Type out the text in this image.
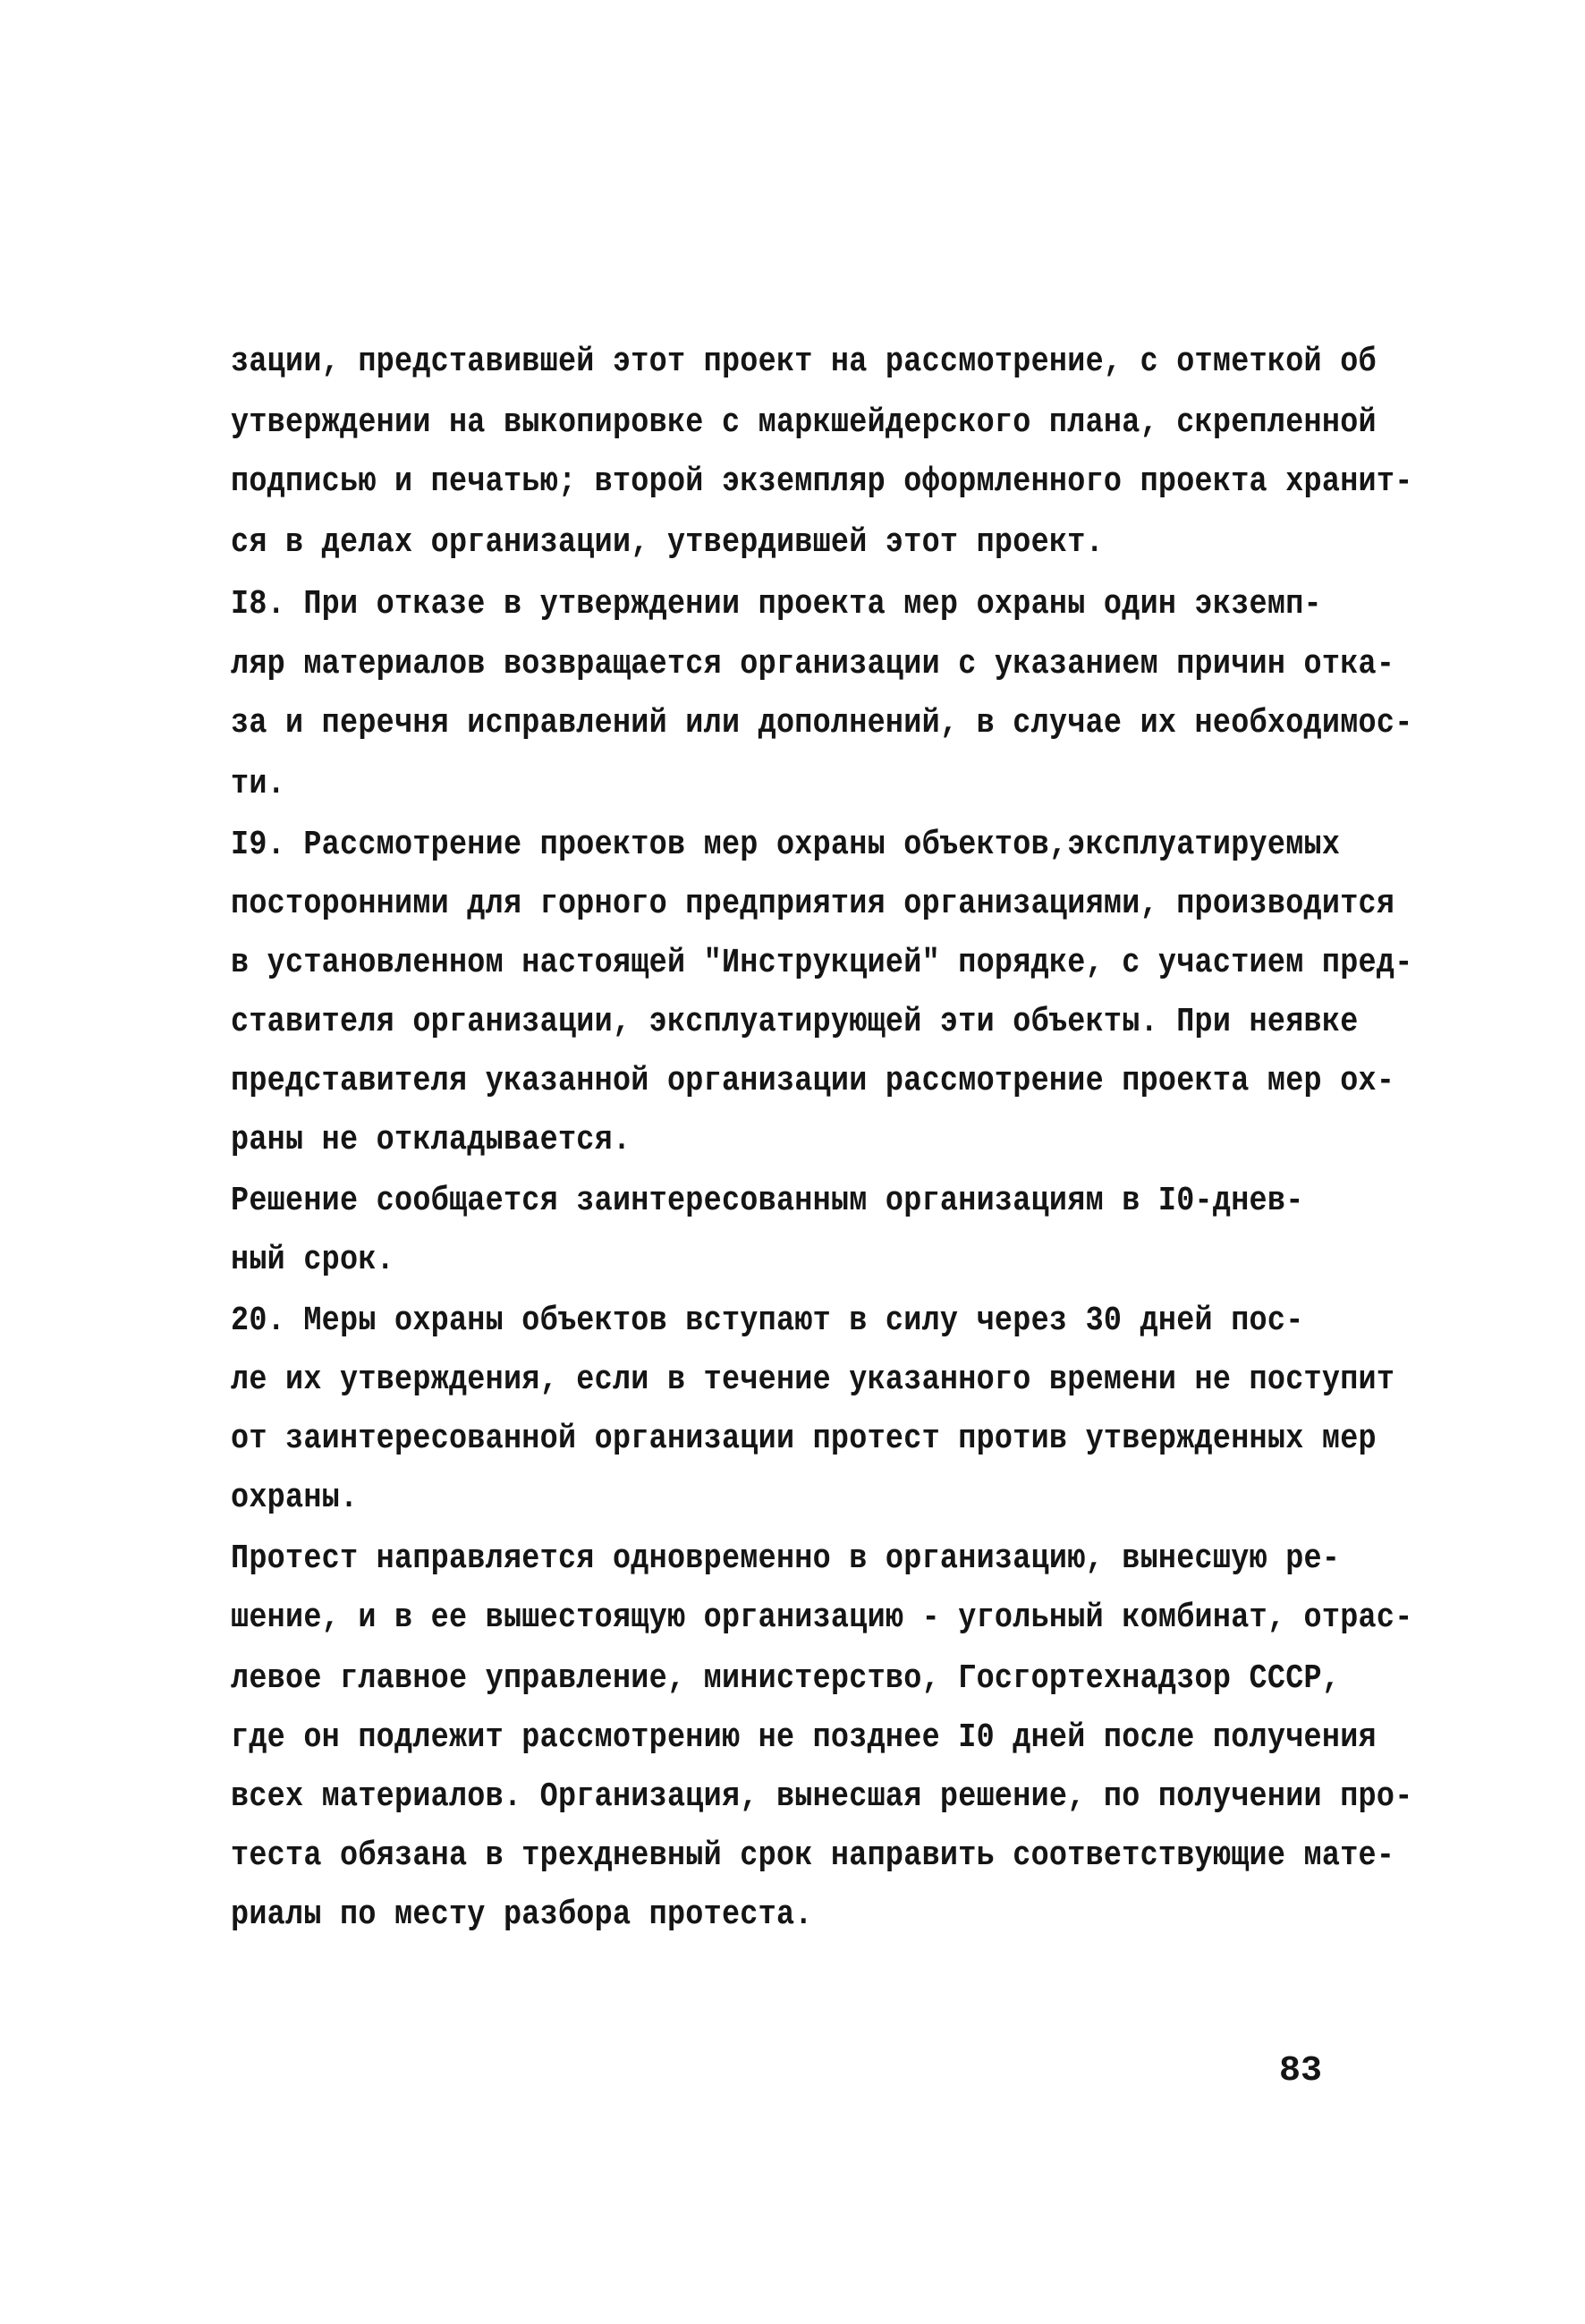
зации, представившей этот проект на рассмотрение, с отметкой об
утверждении на выкопировке с маркшейдерского плана, скрепленной
подписью и печатью; второй экземпляр оформленного проекта хранит-
ся в делах организации, утвердившей этот проект.
I8. При отказе в утверждении проекта мер охраны один экземп-
ляр материалов возвращается организации с указанием причин отка-
за и перечня исправлений или дополнений, в случае их необходимос-
ти.
I9. Рассмотрение проектов мер охраны объектов,эксплуатируемых
посторонними для горного предприятия организациями, производится
в установленном настоящей "Инструкцией" порядке, с участием пред-
ставителя организации, эксплуатирующей эти объекты. При неявке
представителя указанной организации рассмотрение проекта мер ох-
раны не откладывается.
Решение сообщается заинтересованным организациям в I0-днев-
ный срок.
20. Меры охраны объектов вступают в силу через 30 дней пос-
ле их утверждения, если в течение указанного времени не поступит
от заинтересованной организации протест против утвержденных мер
охраны.
Протест направляется одновременно в организацию, вынесшую ре-
шение, и в ее вышестоящую организацию - угольный комбинат, отрас-
левое главное управление, министерство, Госгортехнадзор СССР,
где он подлежит рассмотрению не позднее I0 дней после получения
всех материалов. Организация, вынесшая решение, по получении про-
теста обязана в трехдневный срок направить соответствующие мате-
риалы по месту разбора протеста.
83
